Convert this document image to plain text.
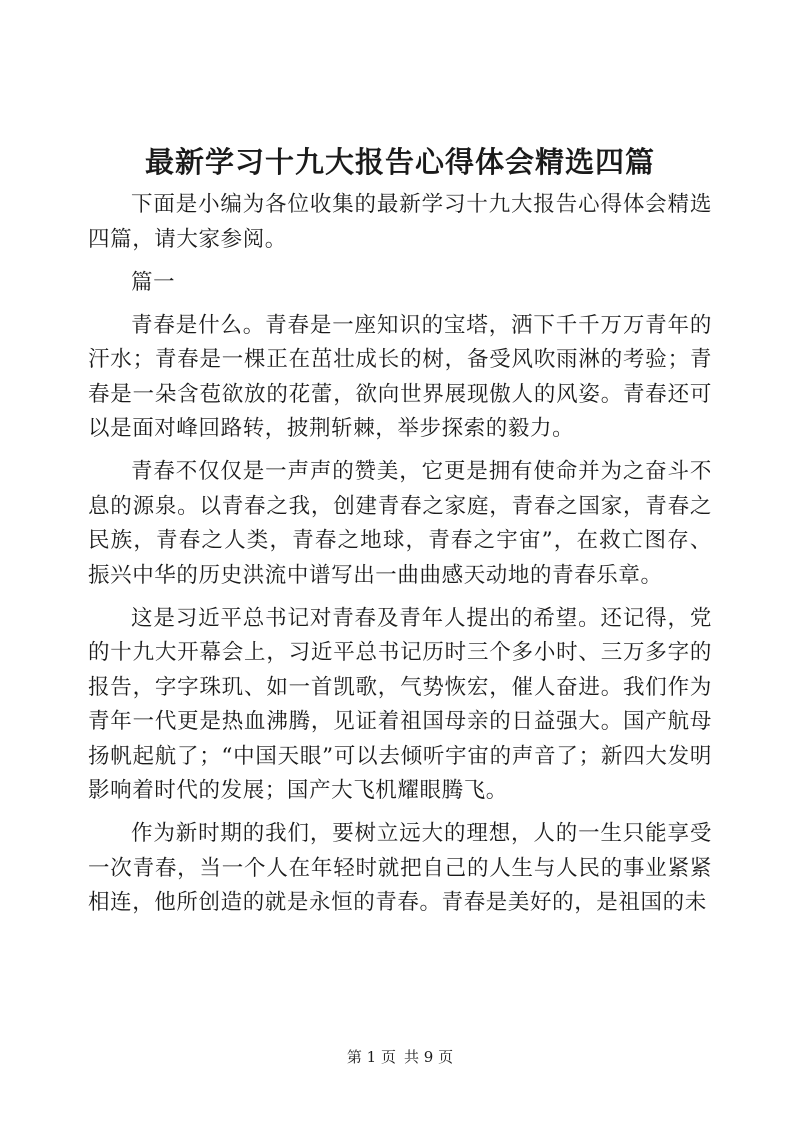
最新学习十九大报告心得体会精选四篇

下面是小编为各位收集的最新学习十九大报告心得体会精选四篇，请大家参阅。

篇一

青春是什么。青春是一座知识的宝塔，洒下千千万万青年的汗水；青春是一棵正在茁壮成长的树，备受风吹雨淋的考验；青春是一朵含苞欲放的花蕾，欲向世界展现傲人的风姿。青春还可以是面对峰回路转，披荆斩棘，举步探索的毅力。

青春不仅仅是一声声的赞美，它更是拥有使命并为之奋斗不息的源泉。以青春之我，创建青春之家庭，青春之国家，青春之民族，青春之人类，青春之地球，青春之宇宙”，在救亡图存、振兴中华的历史洪流中谱写出一曲曲感天动地的青春乐章。

这是习近平总书记对青春及青年人提出的希望。还记得，党的十九大开幕会上，习近平总书记历时三个多小时、三万多字的报告，字字珠玑、如一首凯歌，气势恢宏，催人奋进。我们作为青年一代更是热血沸腾，见证着祖国母亲的日益强大。国产航母扬帆起航了；“中国天眼”可以去倾听宇宙的声音了；新四大发明影响着时代的发展；国产大飞机耀眼腾飞。

作为新时期的我们，要树立远大的理想，人的一生只能享受一次青春，当一个人在年轻时就把自己的人生与人民的事业紧紧相连，他所创造的就是永恒的青春。青春是美好的，是祖国的未

第 1 页 共 9 页
